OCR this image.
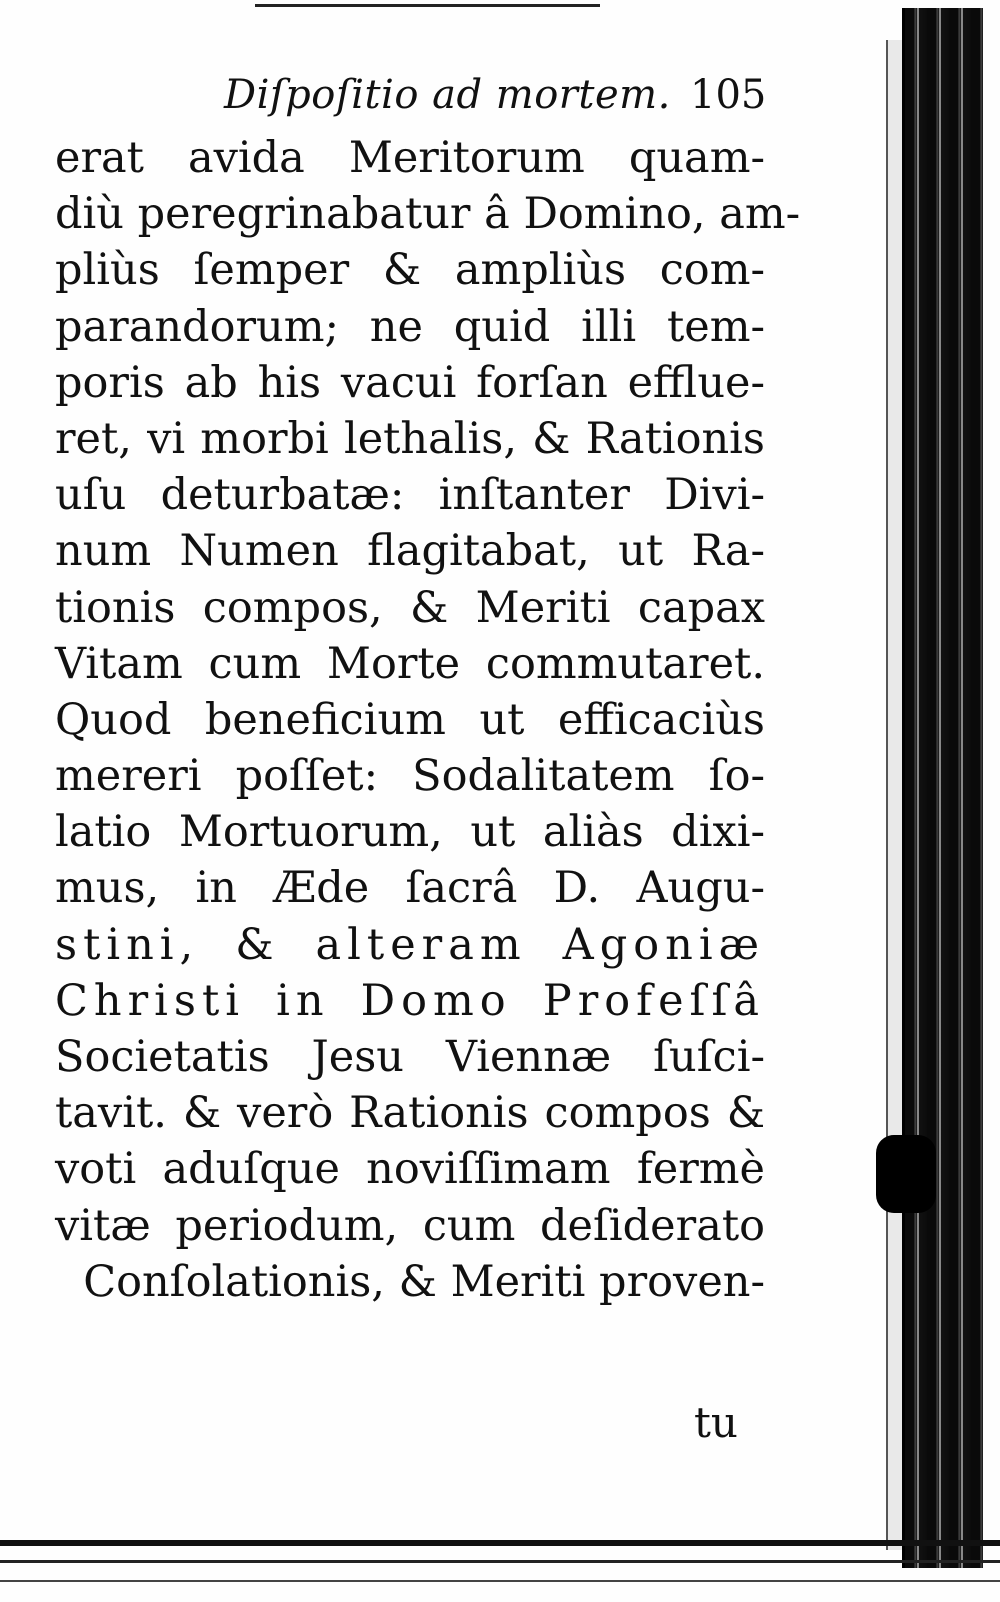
Diſpoſitio ad mortem. 105
erat avida Meritorum quam-
diù peregrinabatur â Domino, am-
pliùs ſemper & ampliùs com-
parandorum; ne quid illi tem-
poris ab his vacui forſan efflue-
ret, vi morbi lethalis, & Rationis
uſu deturbatæ: inſtanter Divi-
num Numen flagitabat, ut Ra-
tionis compos, & Meriti capax
Vitam cum Morte commutaret.
Quod beneficium ut efficaciùs
mereri poſſet: Sodalitatem ſo-
latio Mortuorum, ut aliàs dixi-
mus, in Æde ſacrâ D. Augu-
stini, & alteram Agoniæ
Christi in Domo Profeſſâ
Societatis Jesu Viennæ ſuſci-
tavit. & verò Rationis compos &
voti aduſque noviſſimam fermè
vitæ periodum, cum deſiderato
Conſolationis, & Meriti proven-
tu
